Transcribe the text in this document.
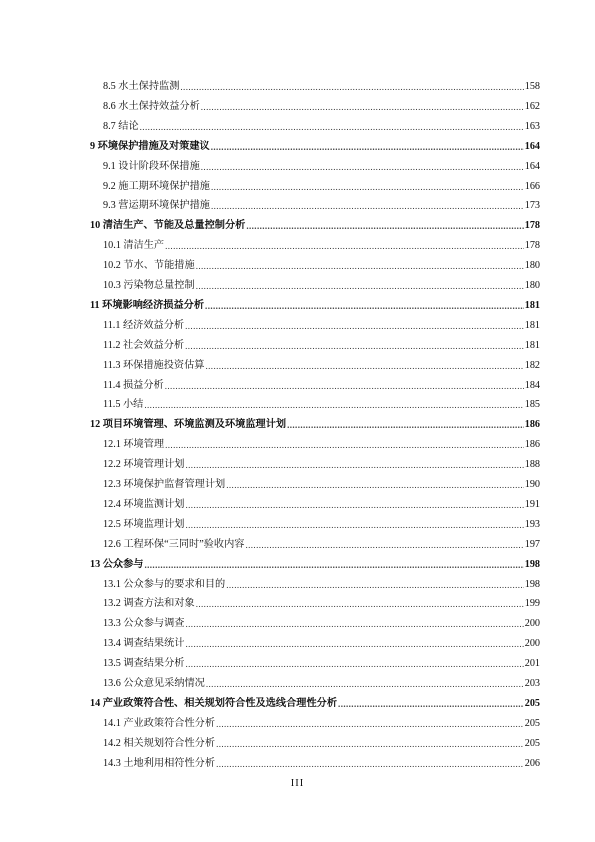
8.5 水土保持监测 .....	158
8.6 水土保持效益分析 .....	162
8.7 结论 .....	163
9 环境保护措施及对策建议 .....	164
9.1 设计阶段环保措施 .....	164
9.2 施工期环境保护措施 .....	166
9.3 营运期环境保护措施 .....	173
10 清洁生产、节能及总量控制分析 .....	178
10.1 清洁生产 .....	178
10.2 节水、节能措施 .....	180
10.3 污染物总量控制 .....	180
11 环境影响经济损益分析 .....	181
11.1 经济效益分析 .....	181
11.2 社会效益分析 .....	181
11.3 环保措施投资估算 .....	182
11.4 损益分析 .....	184
11.5 小结 .....	185
12 项目环境管理、环境监测及环境监理计划 .....	186
12.1 环境管理 .....	186
12.2 环境管理计划 .....	188
12.3 环境保护监督管理计划 .....	190
12.4 环境监测计划 .....	191
12.5 环境监理计划 .....	193
12.6 工程环保“三同时”验收内容 .....	197
13 公众参与 .....	198
13.1 公众参与的要求和目的 .....	198
13.2 调查方法和对象 .....	199
13.3 公众参与调查 .....	200
13.4 调查结果统计 .....	200
13.5 调查结果分析 .....	201
13.6 公众意见采纳情况 .....	203
14 产业政策符合性、相关规划符合性及选线合理性分析 .....	205
14.1 产业政策符合性分析 .....	205
14.2 相关规划符合性分析 .....	205
14.3 土地利用相符性分析 .....	206
III
